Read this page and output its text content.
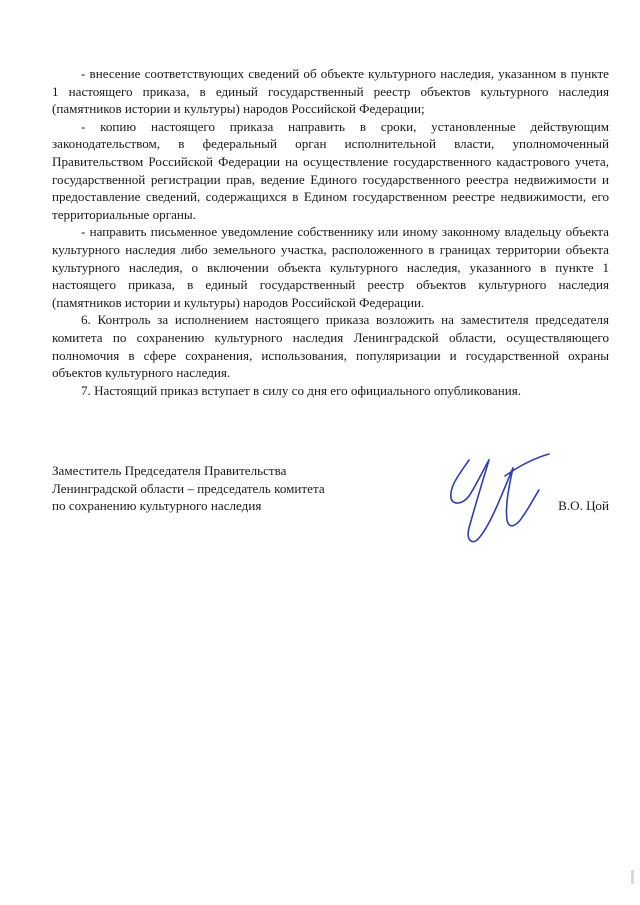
- внесение соответствующих сведений об объекте культурного наследия, указанном в пункте 1 настоящего приказа, в единый государственный реестр объектов культурного наследия (памятников истории и культуры) народов Российской Федерации;

- копию настоящего приказа направить в сроки, установленные действующим законодательством, в федеральный орган исполнительной власти, уполномоченный Правительством Российской Федерации на осуществление государственного кадастрового учета, государственной регистрации прав, ведение Единого государственного реестра недвижимости и предоставление сведений, содержащихся в Едином государственном реестре недвижимости, его территориальные органы.

- направить письменное уведомление собственнику или иному законному владельцу объекта культурного наследия либо земельного участка, расположенного в границах территории объекта культурного наследия, о включении объекта культурного наследия, указанного в пункте 1 настоящего приказа, в единый государственный реестр объектов культурного наследия (памятников истории и культуры) народов Российской Федерации.

6. Контроль за исполнением настоящего приказа возложить на заместителя председателя комитета по сохранению культурного наследия Ленинградской области, осуществляющего полномочия в сфере сохранения, использования, популяризации и государственной охраны объектов культурного наследия.

7. Настоящий приказ вступает в силу со дня его официального опубликования.

Заместитель Председателя Правительства
Ленинградской области – председатель комитета
по сохранению культурного наследия	В.О. Цой
